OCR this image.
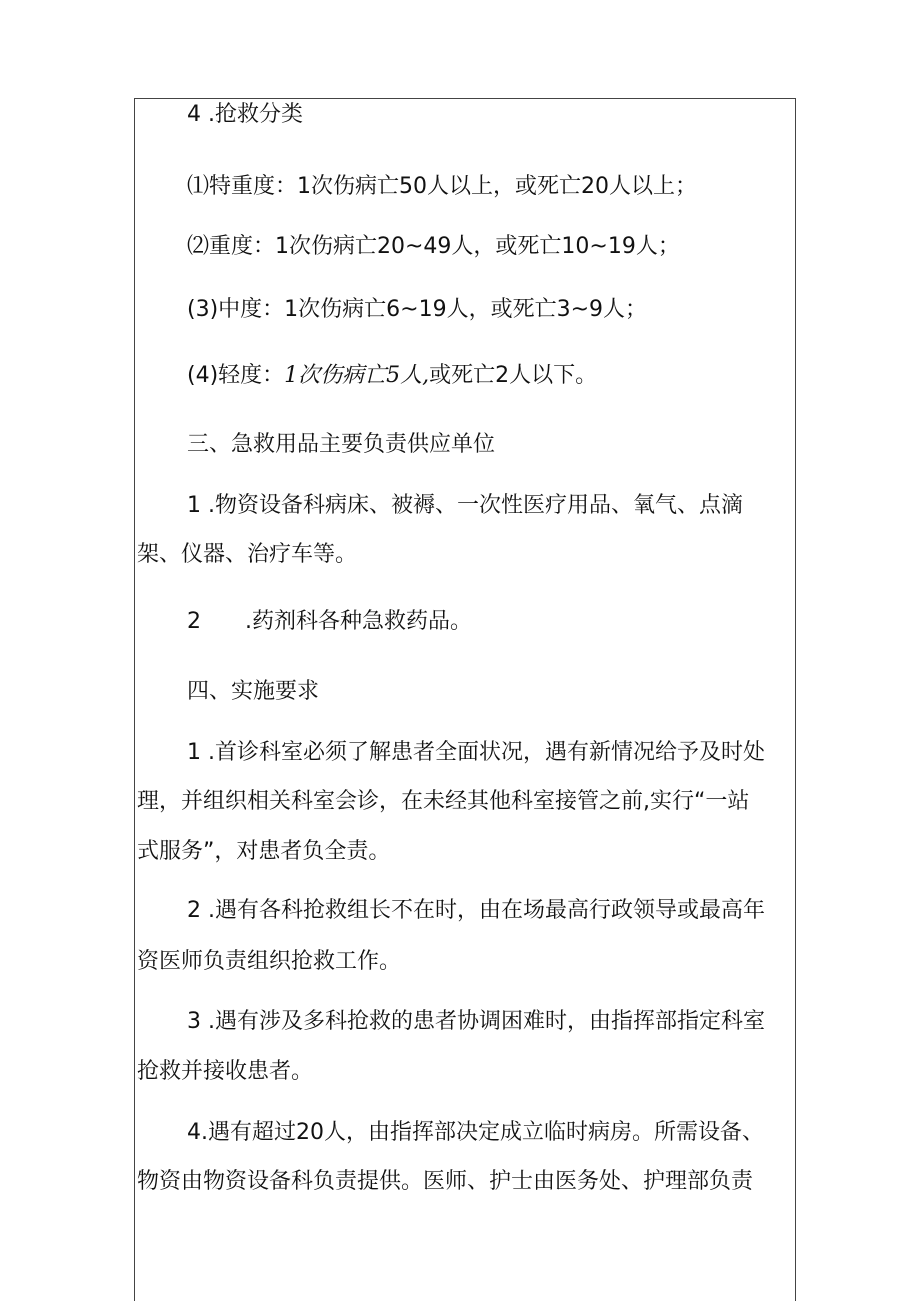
4 .抢救分类
⑴特重度：1次伤病亡50人以上，或死亡20人以上；
⑵重度：1次伤病亡20~49人，或死亡10~19人；
(3)中度：1次伤病亡6~19人，或死亡3~9人；
(4)轻度：1次伤病亡5人,或死亡2人以下。
三、急救用品主要负责供应单位
1 .物资设备科病床、被褥、一次性医疗用品、氧气、点滴
架、仪器、治疗车等。
2　　.药剂科各种急救药品。
四、实施要求
1 .首诊科室必须了解患者全面状况，遇有新情况给予及时处
理，并组织相关科室会诊，在未经其他科室接管之前,实行“一站
式服务”，对患者负全责。
2 .遇有各科抢救组长不在时，由在场最高行政领导或最高年
资医师负责组织抢救工作。
3 .遇有涉及多科抢救的患者协调困难时，由指挥部指定科室
抢救并接收患者。
4.遇有超过20人，由指挥部决定成立临时病房。所需设备、
物资由物资设备科负责提供。医师、护士由医务处、护理部负责
